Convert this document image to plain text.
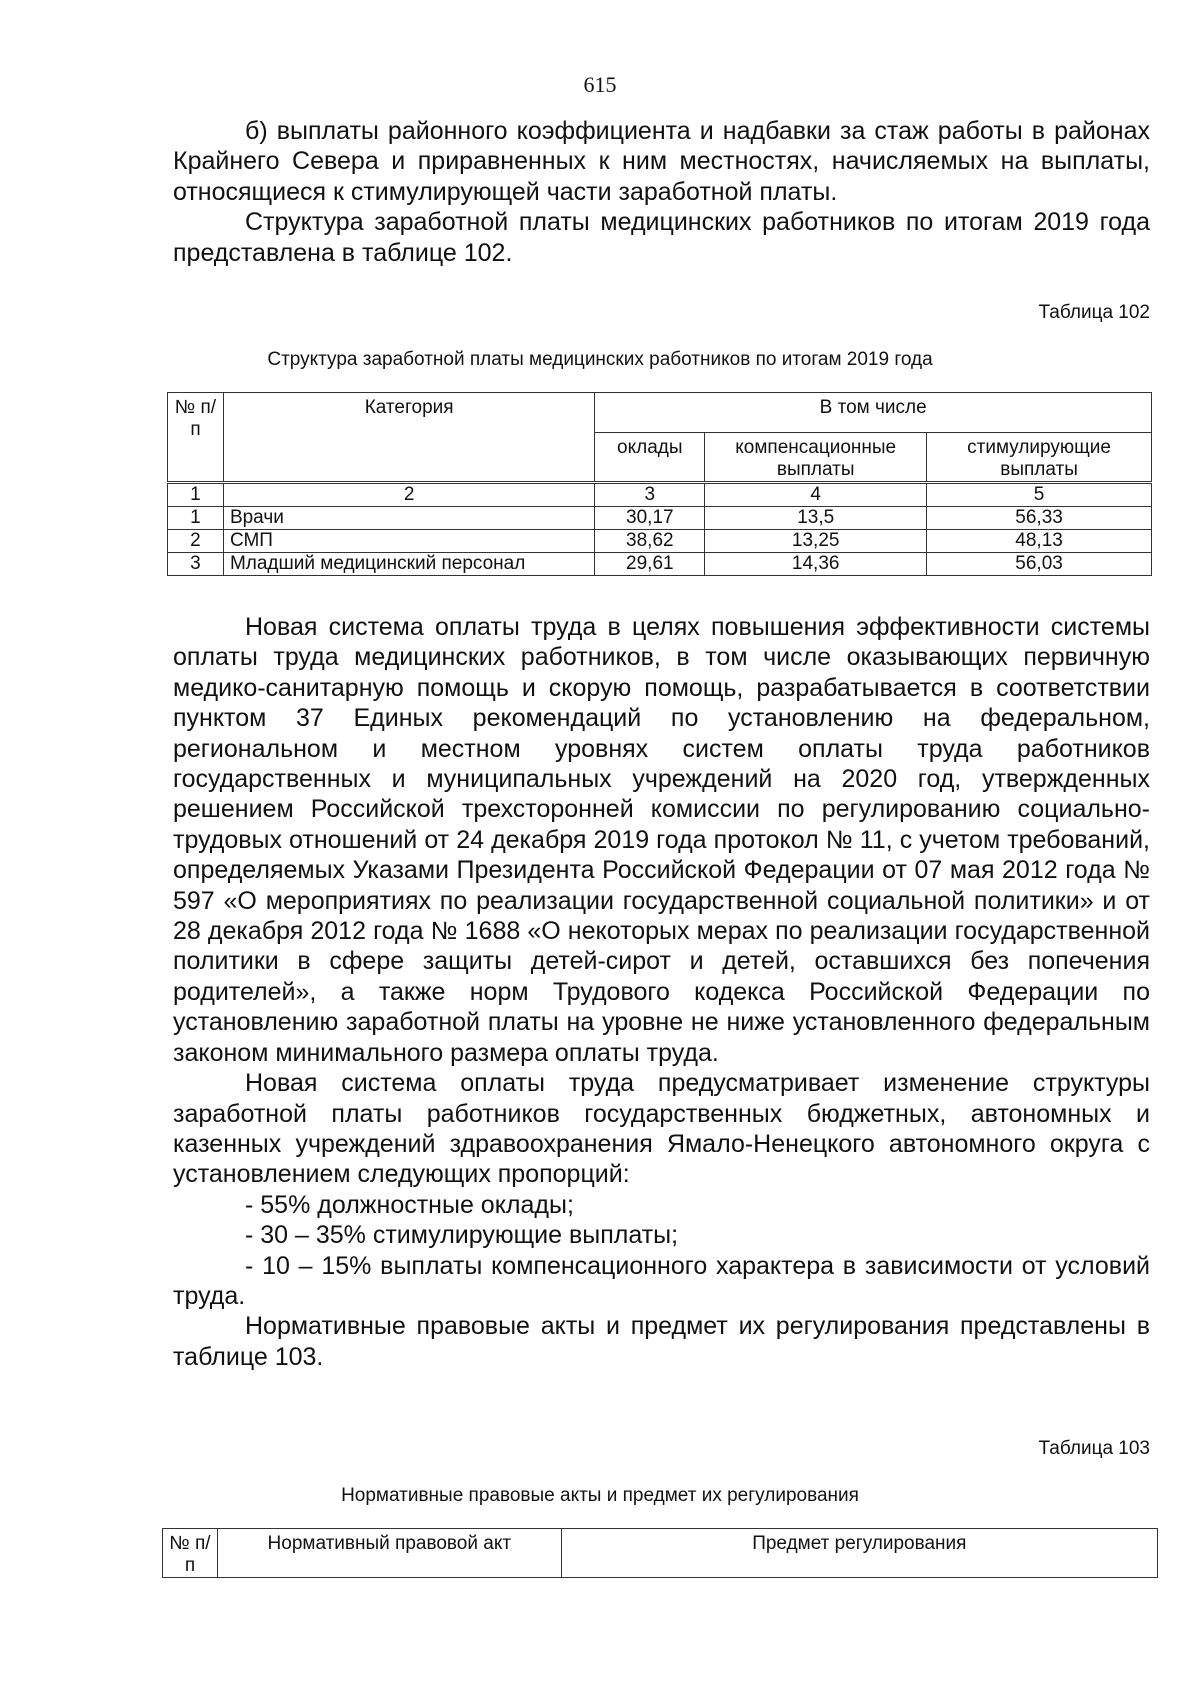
615

б) выплаты районного коэффициента и надбавки за стаж работы в районах Крайнего Севера и приравненных к ним местностях, начисляемых на выплаты, относящиеся к стимулирующей части заработной платы.

Структура заработной платы медицинских работников по итогам 2019 года представлена в таблице 102.

Таблица 102
Структура заработной платы медицинских работников по итогам 2019 года
№ п/п	Категория	В том числе		
		оклады	компенсационные выплаты	стимулирующие выплаты
1	2	3	4	5
1	Врачи	30,17	13,5	56,33
2	СМП	38,62	13,25	48,13
3	Младший медицинский персонал	29,61	14,36	56,03

Новая система оплаты труда в целях повышения эффективности системы оплаты труда медицинских работников, в том числе оказывающих первичную медико-санитарную помощь и скорую помощь, разрабатывается в соответствии пунктом 37 Единых рекомендаций по установлению на федеральном, региональном и местном уровнях систем оплаты труда работников государственных и муниципальных учреждений на 2020 год, утвержденных решением Российской трехсторонней комиссии по регулированию социально-трудовых отношений от 24 декабря 2019 года протокол № 11, с учетом требований, определяемых Указами Президента Российской Федерации от 07 мая 2012 года № 597 «О мероприятиях по реализации государственной социальной политики» и от 28 декабря 2012 года № 1688 «О некоторых мерах по реализации государственной политики в сфере защиты детей-сирот и детей, оставшихся без попечения родителей», а также норм Трудового кодекса Российской Федерации по установлению заработной платы на уровне не ниже установленного федеральным законом минимального размера оплаты труда.

Новая система оплаты труда предусматривает изменение структуры заработной платы работников государственных бюджетных, автономных и казенных учреждений здравоохранения Ямало-Ненецкого автономного округа с установлением следующих пропорций:

- 55% должностные оклады;

- 30 – 35% стимулирующие выплаты;

- 10 – 15% выплаты компенсационного характера в зависимости от условий труда.

Нормативные правовые акты и предмет их регулирования представлены в таблице 103.

Таблица 103
Нормативные правовые акты и предмет их регулирования
№ п/п	Нормативный правовой акт	Предмет регулирования
